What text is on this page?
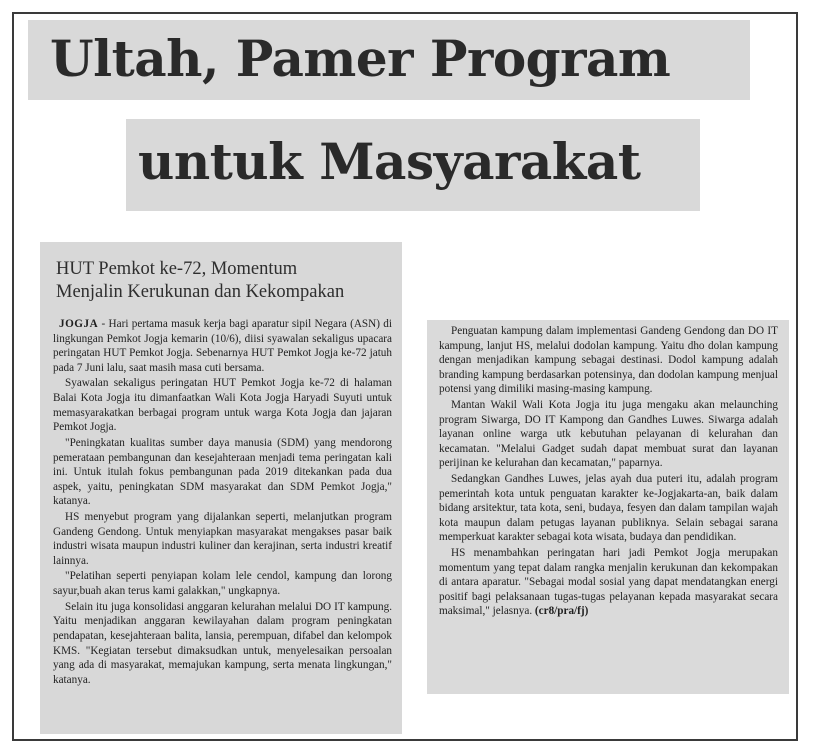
Ultah, Pamer Program
untuk Masyarakat
HUT Pemkot ke-72, Momentum
Menjalin Kerukunan dan Kekompakan

JOGJA - Hari pertama masuk kerja bagi aparatur sipil Negara (ASN) di lingkungan Pemkot Jogja kemarin (10/6), diisi syawalan sekaligus upacara peringatan HUT Pemkot Jogja. Sebenarnya HUT Pemkot Jogja ke-72 jatuh pada 7 Juni lalu, saat masih masa cuti bersama.

Syawalan sekaligus peringatan HUT Pemkot Jogja ke-72 di halaman Balai Kota Jogja itu dimanfaatkan Wali Kota Jogja Haryadi Suyuti untuk memasyarakatkan berbagai program untuk warga Kota Jogja dan jajaran Pemkot Jogja.

"Peningkatan kualitas sumber daya manusia (SDM) yang mendorong pemerataan pembangunan dan kesejahteraan menjadi tema peringatan kali ini. Untuk itulah fokus pembangunan pada 2019 ditekankan pada dua aspek, yaitu, peningkatan SDM masyarakat dan SDM Pemkot Jogja," katanya.

HS menyebut program yang dijalankan seperti, melanjutkan program Gandeng Gendong. Untuk menyiapkan masyarakat mengakses pasar baik industri wisata maupun industri kuliner dan kerajinan, serta industri kreatif lainnya.

"Pelatihan seperti penyiapan kolam lele cendol, kampung dan lorong sayur,buah akan terus kami galakkan," ungkapnya.

Selain itu juga konsolidasi anggaran kelurahan melalui DO IT kampung. Yaitu menjadikan anggaran kewilayahan dalam program peningkatan pendapatan, kesejahteraan balita, lansia, perempuan, difabel dan kelompok KMS. "Kegiatan tersebut dimaksudkan untuk, menyelesaikan persoalan yang ada di masyarakat, memajukan kampung, serta menata lingkungan," katanya.

Penguatan kampung dalam implementasi Gandeng Gendong dan DO IT kampung, lanjut HS, melalui dodolan kampung. Yaitu dho dolan kampung dengan menjadikan kampung sebagai destinasi. Dodol kampung adalah branding kampung berdasarkan potensinya, dan dodolan kampung menjual potensi yang dimiliki masing-masing kampung.

Mantan Wakil Wali Kota Jogja itu juga mengaku akan melaunching program Siwarga, DO IT Kampong dan Gandhes Luwes. Siwarga adalah layanan online warga utk kebutuhan pelayanan di kelurahan dan kecamatan. "Melalui Gadget sudah dapat membuat surat dan layanan perijinan ke kelurahan dan kecamatan," paparnya.

Sedangkan Gandhes Luwes, jelas ayah dua puteri itu, adalah program pemerintah kota untuk penguatan karakter ke-Jogjakarta-an, baik dalam bidang arsitektur, tata kota, seni, budaya, fesyen dan dalam tampilan wajah kota maupun dalam petugas layanan publiknya. Selain sebagai sarana memperkuat karakter sebagai kota wisata, budaya dan pendidikan.

HS menambahkan peringatan hari jadi Pemkot Jogja merupakan momentum yang tepat dalam rangka menjalin kerukunan dan kekompakan di antara aparatur. "Sebagai modal sosial yang dapat mendatangkan energi positif bagi pelaksanaan tugas-tugas pelayanan kepada masyarakat secara maksimal," jelasnya. (cr8/pra/fj)
